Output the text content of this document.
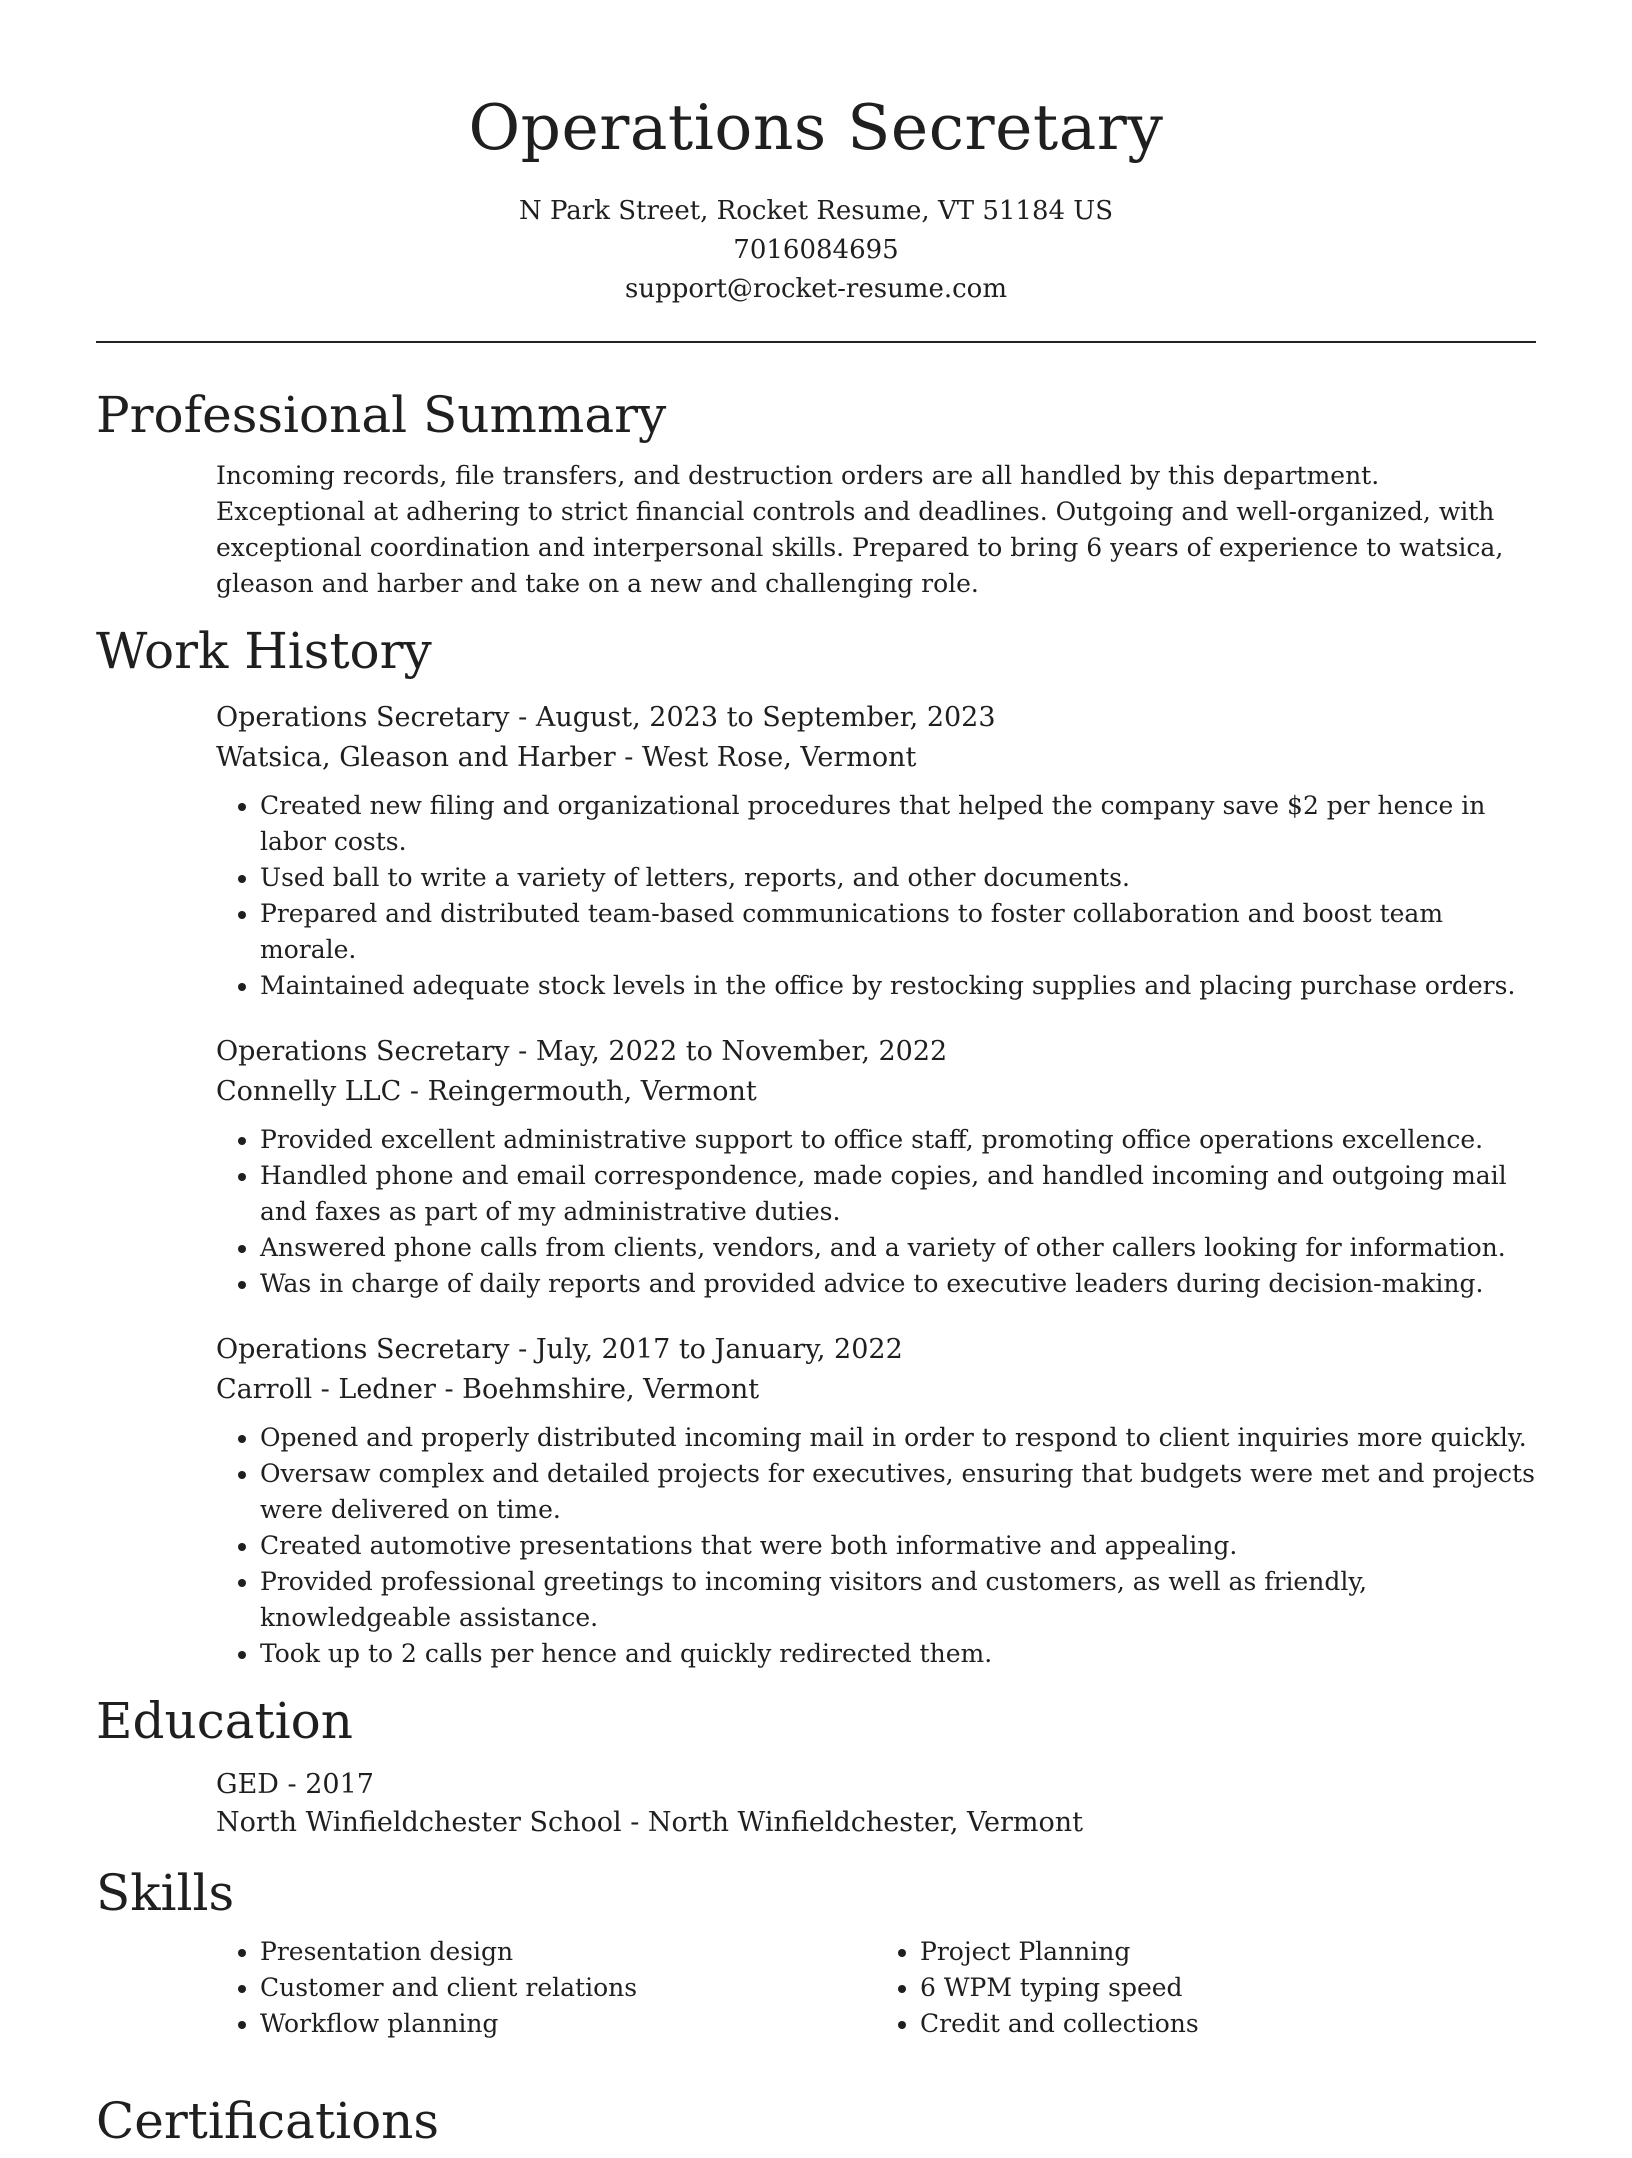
Operations Secretary
N Park Street, Rocket Resume, VT 51184 US
7016084695
support@rocket-resume.com
Professional Summary
Incoming records, file transfers, and destruction orders are all handled by this department. Exceptional at adhering to strict financial controls and deadlines. Outgoing and well-organized, with exceptional coordination and interpersonal skills. Prepared to bring 6 years of experience to watsica, gleason and harber and take on a new and challenging role.
Work History
Operations Secretary - August, 2023 to September, 2023
Watsica, Gleason and Harber - West Rose, Vermont
• Created new filing and organizational procedures that helped the company save $2 per hence in labor costs.
• Used ball to write a variety of letters, reports, and other documents.
• Prepared and distributed team-based communications to foster collaboration and boost team morale.
• Maintained adequate stock levels in the office by restocking supplies and placing purchase orders.
Operations Secretary - May, 2022 to November, 2022
Connelly LLC - Reingermouth, Vermont
• Provided excellent administrative support to office staff, promoting office operations excellence.
• Handled phone and email correspondence, made copies, and handled incoming and outgoing mail and faxes as part of my administrative duties.
• Answered phone calls from clients, vendors, and a variety of other callers looking for information.
• Was in charge of daily reports and provided advice to executive leaders during decision-making.
Operations Secretary - July, 2017 to January, 2022
Carroll - Ledner - Boehmshire, Vermont
• Opened and properly distributed incoming mail in order to respond to client inquiries more quickly.
• Oversaw complex and detailed projects for executives, ensuring that budgets were met and projects were delivered on time.
• Created automotive presentations that were both informative and appealing.
• Provided professional greetings to incoming visitors and customers, as well as friendly, knowledgeable assistance.
• Took up to 2 calls per hence and quickly redirected them.
Education
GED - 2017
North Winfieldchester School - North Winfieldchester, Vermont
Skills
• Presentation design
• Customer and client relations
• Workflow planning
• Project Planning
• 6 WPM typing speed
• Credit and collections
Certifications
